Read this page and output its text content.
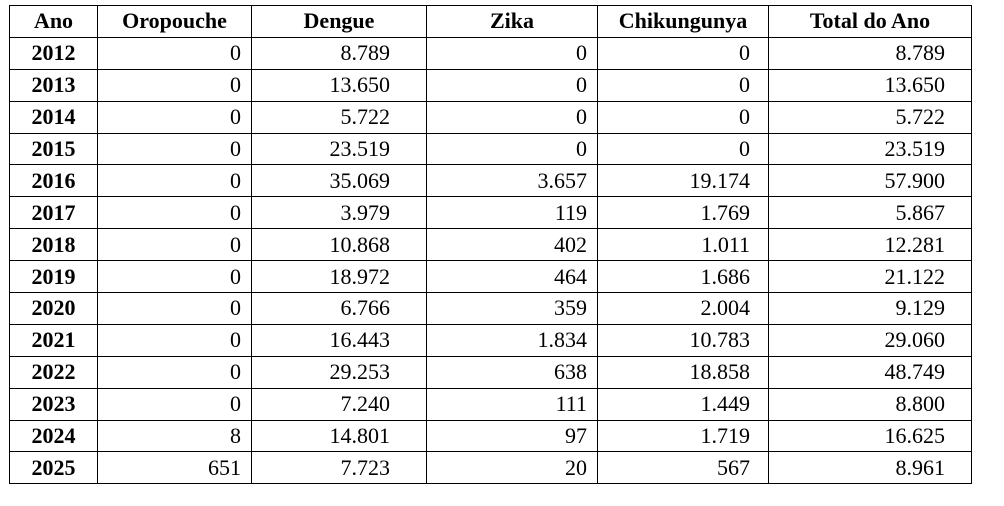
Ano	Oropouche	Dengue	Zika	Chikungunya	Total do Ano
2012	0	8.789	0	0	8.789
2013	0	13.650	0	0	13.650
2014	0	5.722	0	0	5.722
2015	0	23.519	0	0	23.519
2016	0	35.069	3.657	19.174	57.900
2017	0	3.979	119	1.769	5.867
2018	0	10.868	402	1.011	12.281
2019	0	18.972	464	1.686	21.122
2020	0	6.766	359	2.004	9.129
2021	0	16.443	1.834	10.783	29.060
2022	0	29.253	638	18.858	48.749
2023	0	7.240	111	1.449	8.800
2024	8	14.801	97	1.719	16.625
2025	651	7.723	20	567	8.961
